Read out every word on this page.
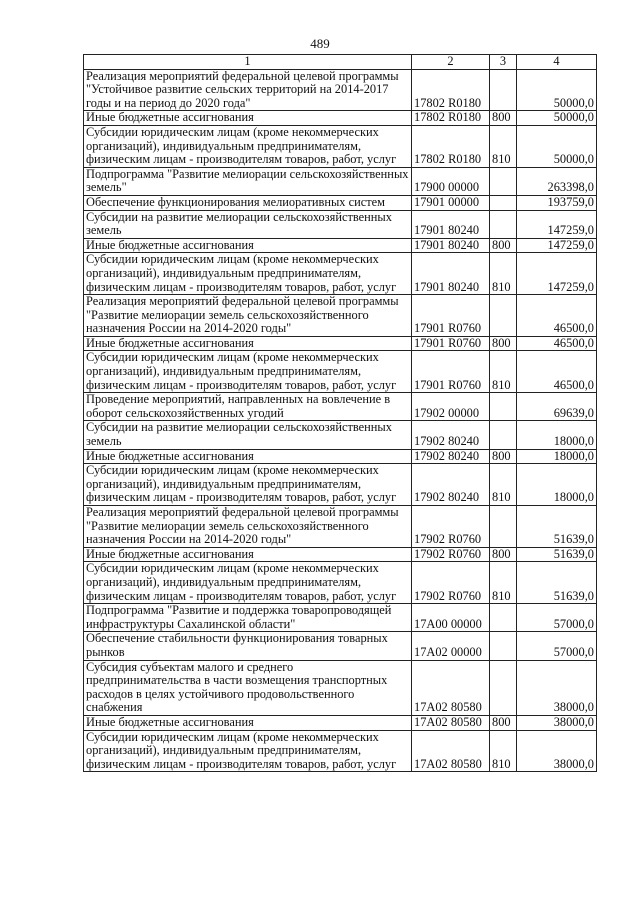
489
1	2	3	4
Реализация мероприятий федеральной целевой программы "Устойчивое развитие сельских территорий на 2014-2017 годы и на период до 2020 года"	17802 R0180		50000,0
Иные бюджетные ассигнования	17802 R0180	800	50000,0
Субсидии юридическим лицам (кроме некоммерческих организаций), индивидуальным предпринимателям, физическим лицам - производителям товаров, работ, услуг	17802 R0180	810	50000,0
Подпрограмма "Развитие мелиорации сельскохозяйственных земель"	17900 00000		263398,0
Обеспечение функционирования мелиоративных систем	17901 00000		193759,0
Субсидии на развитие мелиорации сельскохозяйственных земель	17901 80240		147259,0
Иные бюджетные ассигнования	17901 80240	800	147259,0
Субсидии юридическим лицам (кроме некоммерческих организаций), индивидуальным предпринимателям, физическим лицам - производителям товаров, работ, услуг	17901 80240	810	147259,0
Реализация мероприятий федеральной целевой программы "Развитие мелиорации земель сельскохозяйственного назначения России на 2014-2020 годы"	17901 R0760		46500,0
Иные бюджетные ассигнования	17901 R0760	800	46500,0
Субсидии юридическим лицам (кроме некоммерческих организаций), индивидуальным предпринимателям, физическим лицам - производителям товаров, работ, услуг	17901 R0760	810	46500,0
Проведение мероприятий, направленных на вовлечение в оборот сельскохозяйственных угодий	17902 00000		69639,0
Субсидии на развитие мелиорации сельскохозяйственных земель	17902 80240		18000,0
Иные бюджетные ассигнования	17902 80240	800	18000,0
Субсидии юридическим лицам (кроме некоммерческих организаций), индивидуальным предпринимателям, физическим лицам - производителям товаров, работ, услуг	17902 80240	810	18000,0
Реализация мероприятий федеральной целевой программы "Развитие мелиорации земель сельскохозяйственного назначения России на 2014-2020 годы"	17902 R0760		51639,0
Иные бюджетные ассигнования	17902 R0760	800	51639,0
Субсидии юридическим лицам (кроме некоммерческих организаций), индивидуальным предпринимателям, физическим лицам - производителям товаров, работ, услуг	17902 R0760	810	51639,0
Подпрограмма "Развитие и поддержка товаропроводящей инфраструктуры Сахалинской области"	17А00 00000		57000,0
Обеспечение стабильности функционирования товарных рынков	17А02 00000		57000,0
Субсидия субъектам малого и среднего предпринимательства в части возмещения транспортных расходов в целях устойчивого продовольственного снабжения	17А02 80580		38000,0
Иные бюджетные ассигнования	17А02 80580	800	38000,0
Субсидии юридическим лицам (кроме некоммерческих организаций), индивидуальным предпринимателям, физическим лицам - производителям товаров, работ, услуг	17А02 80580	810	38000,0
